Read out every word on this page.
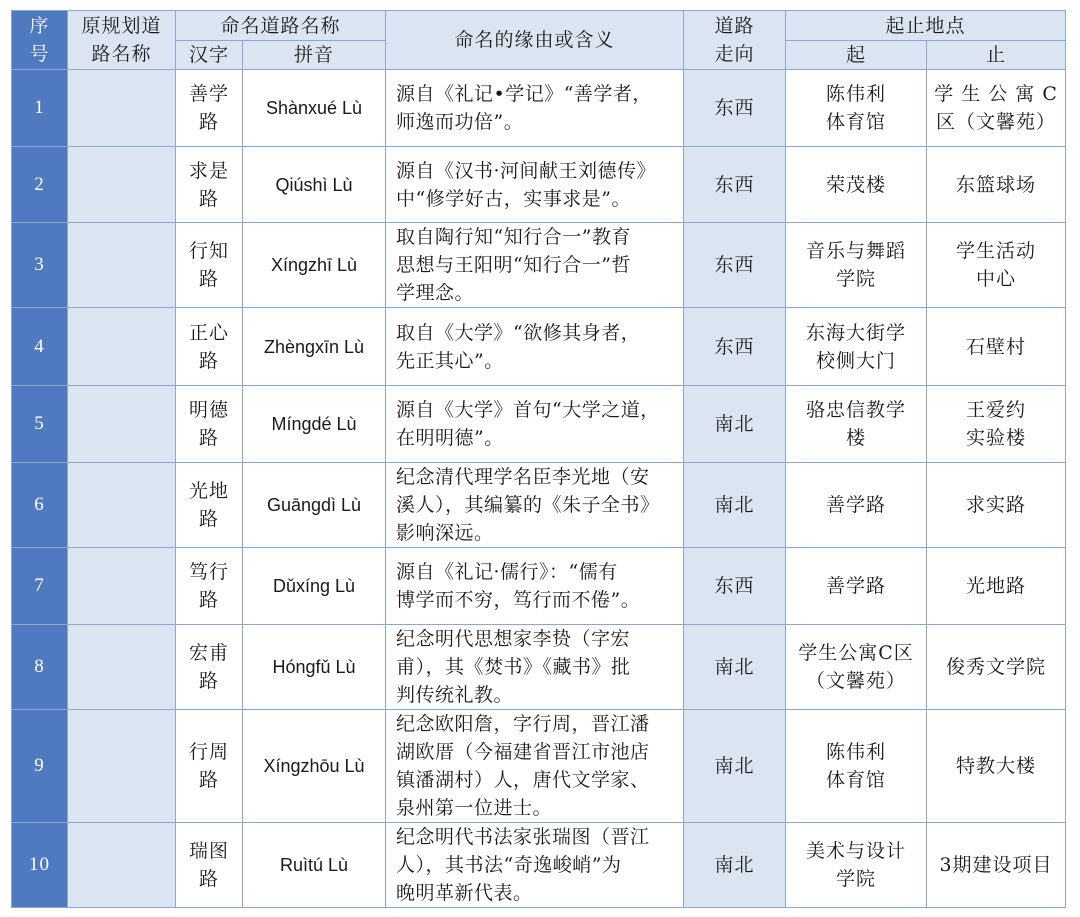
序
号	原规划道
路名称	命名道路名称		命名的缘由或含义	道路
走向	起止地点	
		汉字	拼音			起	止
1		善学
路	Shànxué Lù	源自《礼记•学记》“善学者，
师逸而功倍”。	东西	陈伟利
体育馆	学 生 公 寓 C
区（文馨苑）

2		求是
路	Qiúshì Lù	源自《汉书·河间献王刘德传》
中“修学好古，实事求是”。	东西	荣茂楼	东篮球场

3		行知
路	Xíngzhī Lù	取自陶行知“知行合一”教育
思想与王阳明“知行合一”哲
学理念。	东西	音乐与舞蹈
学院	学生活动
中心

4		正心
路	Zhèngxīn Lù	取自《大学》“欲修其身者，
先正其心”。	东西	东海大街学
校侧大门	石壁村

5		明德
路	Míngdé Lù	源自《大学》首句“大学之道，
在明明德”。	南北	骆忠信教学
楼	王爱约
实验楼

6		光地
路	Guāngdì Lù	纪念清代理学名臣李光地（安
溪人），其编纂的《朱子全书》
影响深远。	南北	善学路	求实路

7		笃行
路	Dǔxíng Lù	源自《礼记·儒行》：“儒有
博学而不穷，笃行而不倦”。	东西	善学路	光地路

8		宏甫
路	Hóngfǔ Lù	纪念明代思想家李贽（字宏
甫），其《焚书》《藏书》批
判传统礼教。	南北	学生公寓C区
（文馨苑）	俊秀文学院

9		行周
路	Xíngzhōu Lù	纪念欧阳詹，字行周，晋江潘
湖欧厝（今福建省晋江市池店
镇潘湖村）人，唐代文学家、
泉州第一位进士。	南北	陈伟利
体育馆	特教大楼

10		瑞图
路	Ruìtú Lù	纪念明代书法家张瑞图（晋江
人），其书法“奇逸峻峭”为
晚明革新代表。	南北	美术与设计
学院	3期建设项目
